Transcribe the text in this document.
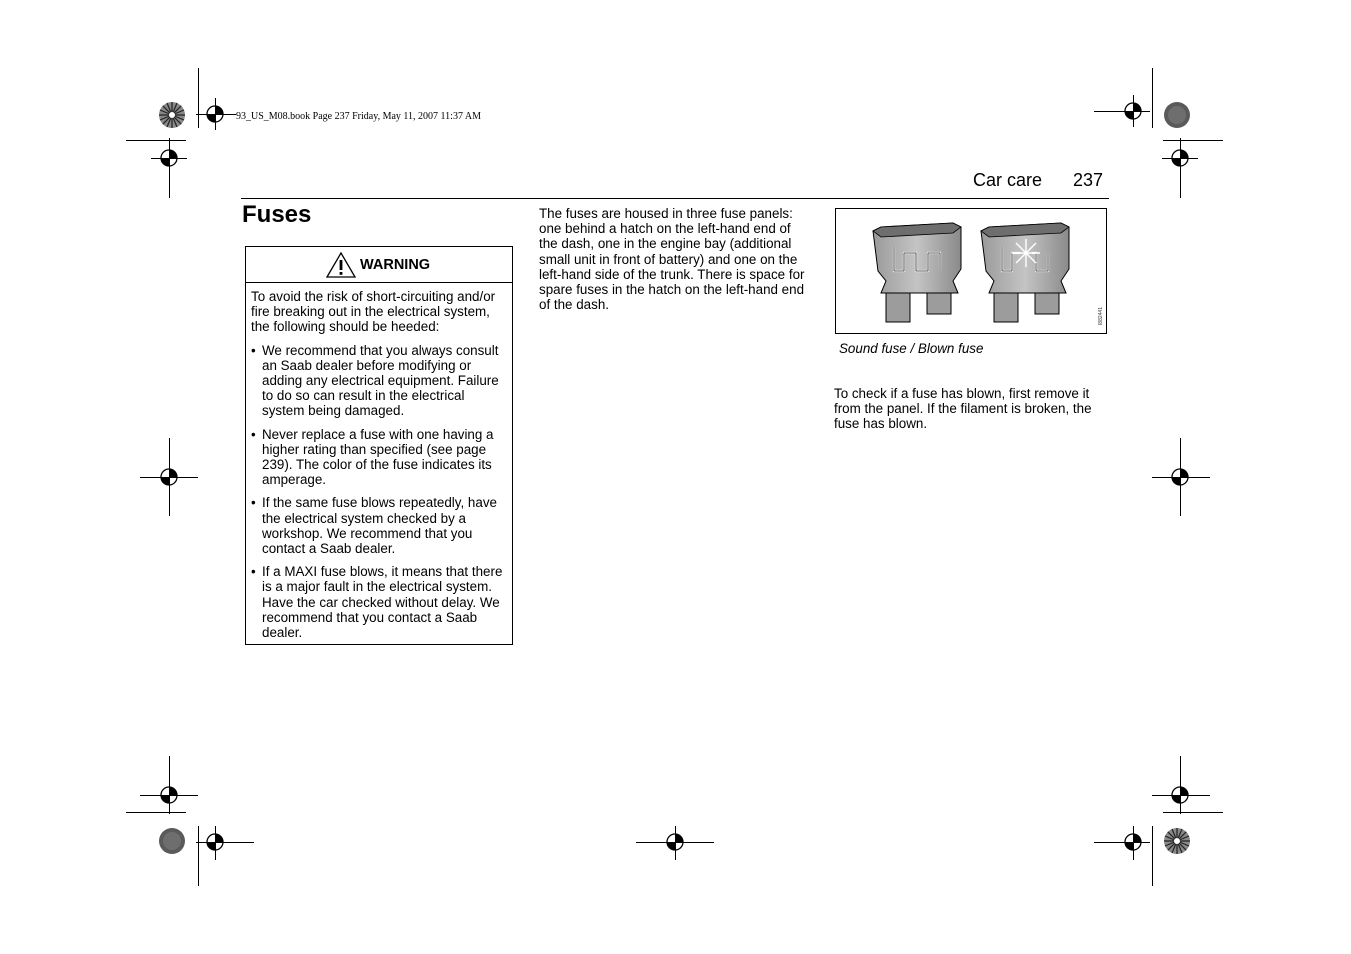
93_US_M08.book Page 237 Friday, May 11, 2007 11:37 AM
Car care 237
Fuses
WARNING

To avoid the risk of short-circuiting and/or fire breaking out in the electrical system, the following should be heeded:

• We recommend that you always consult an Saab dealer before modifying or adding any electrical equipment. Failure to do so can result in the electrical system being damaged.
• Never replace a fuse with one having a higher rating than specified (see page 239). The color of the fuse indicates its amperage.
• If the same fuse blows repeatedly, have the electrical system checked by a workshop. We recommend that you contact a Saab dealer.
• If a MAXI fuse blows, it means that there is a major fault in the electrical system. Have the car checked without delay. We recommend that you contact a Saab dealer.
The fuses are housed in three fuse panels: one behind a hatch on the left-hand end of the dash, one in the engine bay (additional small unit in front of battery) and one on the left-hand side of the trunk. There is space for spare fuses in the hatch on the left-hand end of the dash.
I882441
Sound fuse / Blown fuse
To check if a fuse has blown, first remove it from the panel. If the filament is broken, the fuse has blown.
